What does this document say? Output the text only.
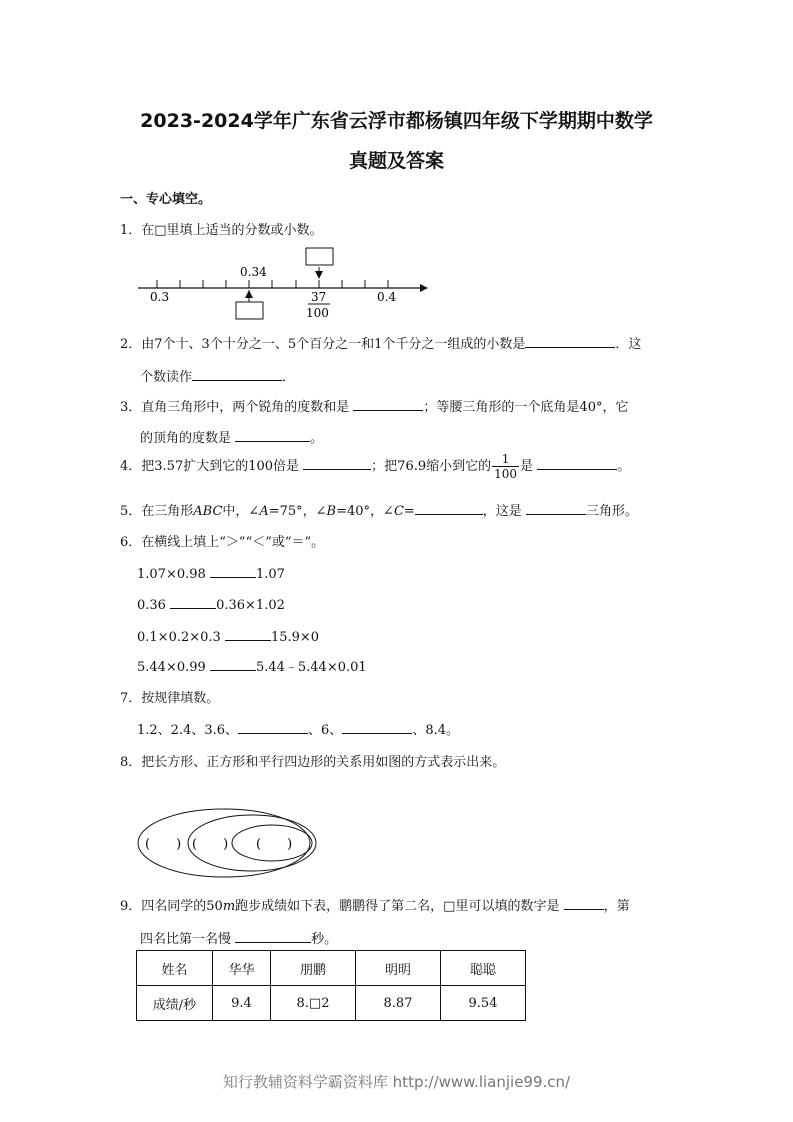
2023-2024学年广东省云浮市都杨镇四年级下学期期中数学
真题及答案
一、专心填空。
1．在□里填上适当的分数或小数。
0.3
0.34
0.4
37
100
2．由7个十、3个十分之一、5个百分之一和1个千分之一组成的小数是	．这
个数读作	．
3．直角三角形中，两个锐角的度数和是	；等腰三角形的一个底角是40°，它
的顶角的度数是	。
4．把3.57扩大到它的100倍是	；把76.9缩小到它的 $\frac{1}{100}$ 是	。
5．在三角形ABC中，∠A=75°，∠B=40°，∠C=	，这是	三角形。
6．在横线上填上“＞”“＜”或“＝”。
1.07×0.98	1.07
0.36	0.36×1.02
0.1×0.2×0.3	15.9×0
5.44×0.99	5.44﹣5.44×0.01
7．按规律填数。
1.2、2.4、3.6、	、6、	、8.4。
8．把长方形、正方形和平行四边形的关系用如图的方式表示出来。
(　　) (　　) (　　)
9．四名同学的50m跑步成绩如下表，鹏鹏得了第二名，□里可以填的数字是	，第
四名比第一名慢	秒。
姓名	华华	朋鹏	明明	聪聪
成绩/秒	9.4	8.□2	8.87	9.54
知行教辅资料学霸资料库 http://www.lianjie99.cn/
